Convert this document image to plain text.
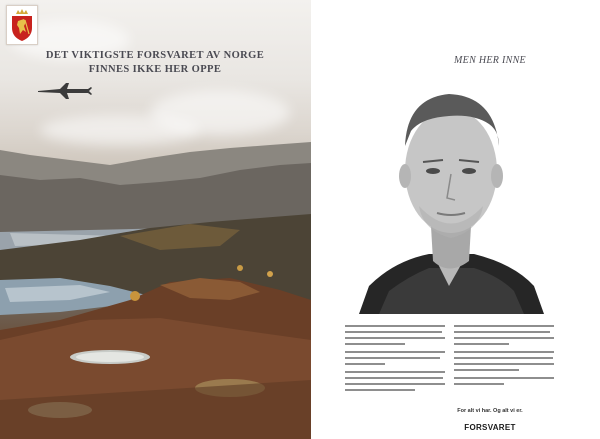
DET VIKTIGSTE FORSVARET AV NORGE
FINNES IKKE HER OPPE
MEN HER INNE
For alt vi har. Og alt vi er.
FORSVARET
